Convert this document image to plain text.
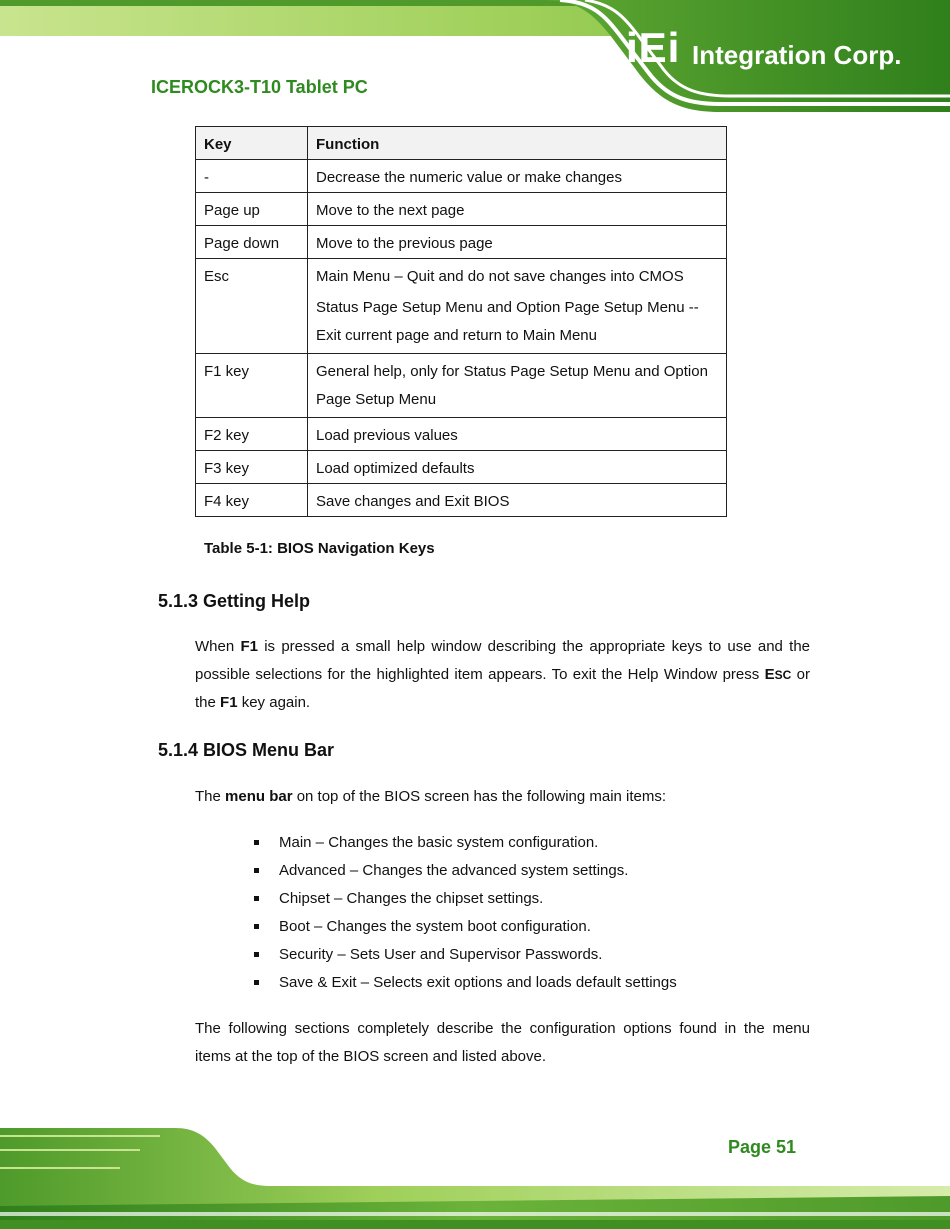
iEi Integration Corp.
ICEROCK3-T10 Tablet PC
Key	Function
-	Decrease the numeric value or make changes
Page up	Move to the next page
Page down	Move to the previous page
Esc	Main Menu – Quit and do not save changes into CMOS

Status Page Setup Menu and Option Page Setup Menu -- Exit current page and return to Main Menu

F1 key	General help, only for Status Page Setup Menu and Option Page Setup Menu
F2 key	Load previous values
F3 key	Load optimized defaults
F4 key	Save changes and Exit BIOS
Table 5-1: BIOS Navigation Keys
5.1.3 Getting Help
When F1 is pressed a small help window describing the appropriate keys to use and the possible selections for the highlighted item appears. To exit the Help Window press ESC or the F1 key again.
5.1.4 BIOS Menu Bar
The menu bar on top of the BIOS screen has the following main items:
Main – Changes the basic system configuration.
Advanced – Changes the advanced system settings.
Chipset – Changes the chipset settings.
Boot – Changes the system boot configuration.
Security – Sets User and Supervisor Passwords.
Save & Exit – Selects exit options and loads default settings
The following sections completely describe the configuration options found in the menu items at the top of the BIOS screen and listed above.
Page 51
